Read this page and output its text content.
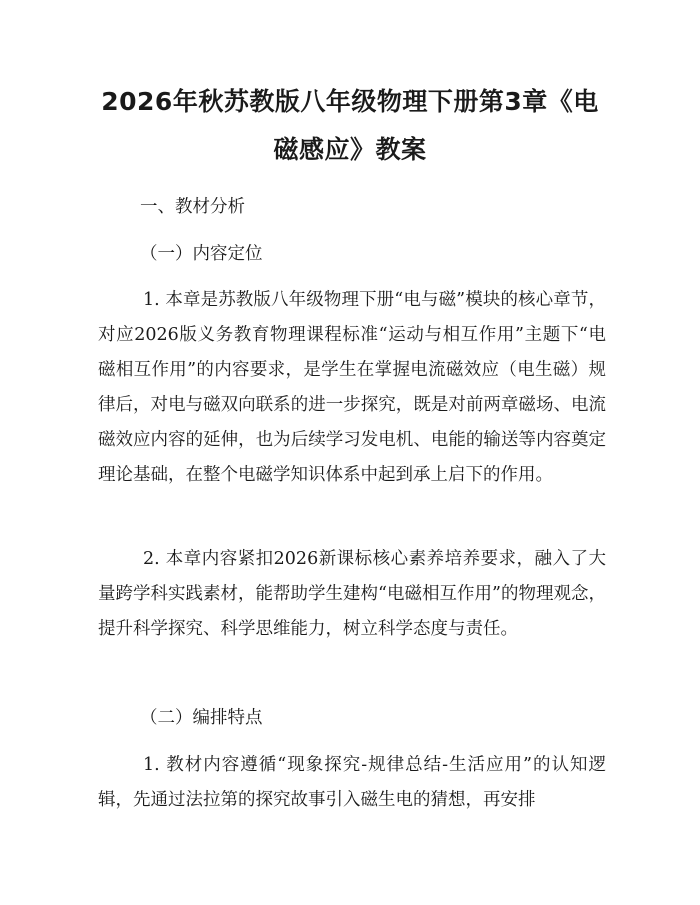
2026年秋苏教版八年级物理下册第3章《电磁感应》教案

一、教材分析

（一）内容定位

1. 本章是苏教版八年级物理下册“电与磁”模块的核心章节，对应2026版义务教育物理课程标准“运动与相互作用”主题下“电磁相互作用”的内容要求，是学生在掌握电流磁效应（电生磁）规律后，对电与磁双向联系的进一步探究，既是对前两章磁场、电流磁效应内容的延伸，也为后续学习发电机、电能的输送等内容奠定理论基础，在整个电磁学知识体系中起到承上启下的作用。

2. 本章内容紧扣2026新课标核心素养培养要求，融入了大量跨学科实践素材，能帮助学生建构“电磁相互作用”的物理观念，提升科学探究、科学思维能力，树立科学态度与责任。

（二）编排特点

1. 教材内容遵循“现象探究-规律总结-生活应用”的认知逻辑，先通过法拉第的探究故事引入磁生电的猜想，再安排
